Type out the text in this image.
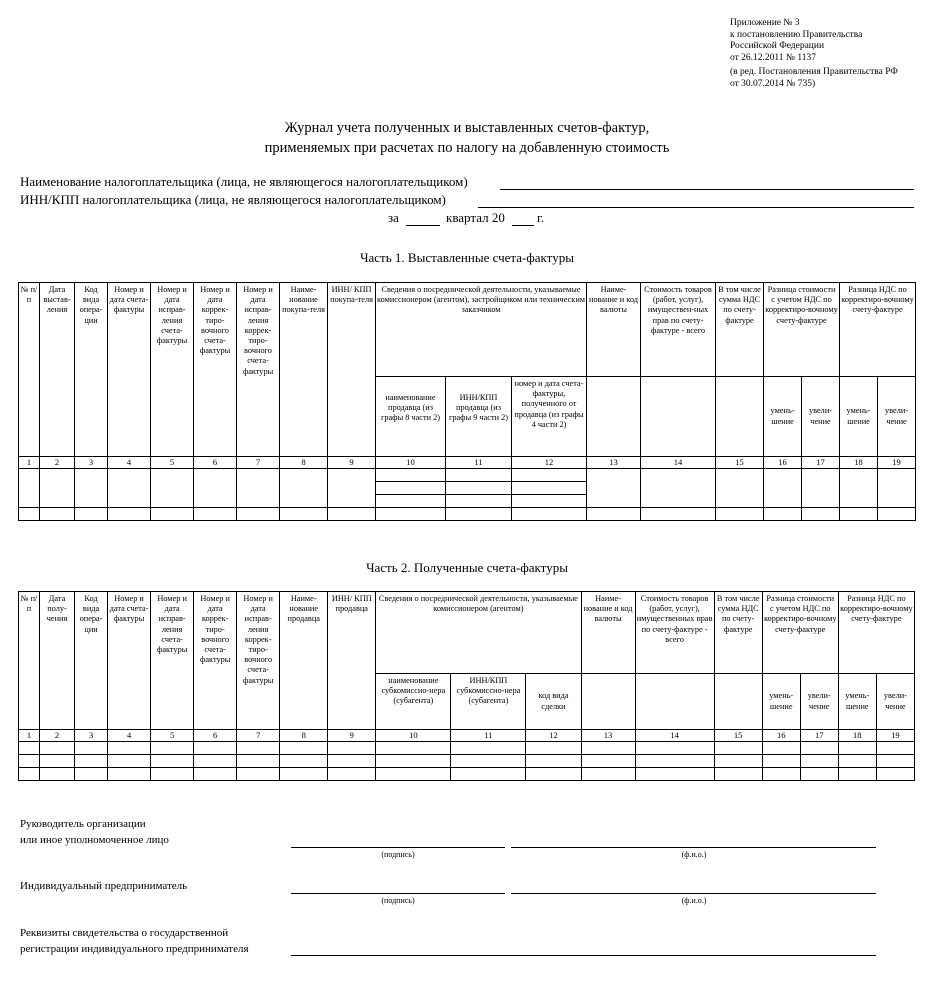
Приложение № 3
к постановлению Правительства
Российской Федерации
от 26.12.2011 № 1137
(в ред. Постановления Правительства РФ
от 30.07.2014 № 735)
Журнал учета полученных и выставленных счетов-фактур,
применяемых при расчетах по налогу на добавленную стоимость
Наименование налогоплательщика (лица, не являющегося налогоплательщиком)
ИНН/КПП налогоплательщика (лица, не являющегося налогоплательщиком)
за	квартал 20 г.
Часть 1. Выставленные счета-фактуры
№ п/п	Дата выстав-ления	Код вида опера-ции	Номер и дата счета-фактуры	Номер и дата исправ-ления счета-фактуры	Номер и дата коррек-тиро-вочного счета-фактуры	Номер и дата исправ-ления коррек-тиро-вочного счета-фактуры	Наиме-нование покупа-теля	ИНН/ КПП покупа-теля	Сведения о посреднической деятельности, указываемые комиссионером (агентом), застройщиком или техническим заказчиком			Наиме-нование и код валюты	Стоимость товаров (работ, услуг), имуществен-ных прав по счету-фактуре - всего	В том числе сумма НДС по счету-фактуре	Разница стоимости с учетом НДС по корректиро-вочному счету-фактуре		Разница НДС по корректиро-вочному счету-фактуре	
									наименование продавца (из графы 8 части 2)	ИНН/КПП продавца (из графы 9 части 2)	номер и дата счета-фактуры, полученного от продавца (из графы 4 части 2)				умень-шение	увели-чение	умень-шение	увели-чение
1	2	3	4	5	6	7	8	9	10	11	12	13	14	15	16	17	18	19

Часть 2. Полученные счета-фактуры
№ п/п	Дата полу-чения	Код вида опера-ции	Номер и дата счета-фактуры	Номер и дата исправ-ления счета-фактуры	Номер и дата коррек-тиро-вочного счета-фактуры	Номер и дата исправ-ления коррек-тиро-вочного счета-фактуры	Наиме-нование продавца	ИНН/ КПП продавца	Сведения о посреднической деятельности, указываемые комиссионером (агентом)			Наиме-нование и код валюты	Стоимость товаров (работ, услуг), имущественных прав по счету-фактуре - всего	В том числе сумма НДС по счету-фактуре	Разница стоимости с учетом НДС по корректиро-вочному счету-фактуре		Разница НДС по корректиро-вочному счету-фактуре	
									наименование субкомиссио-нера (субагента)	ИНН/КПП субкомиссио-нера (субагента)	код вида сделки				умень-шение	увели-чение	умень-шение	увели-чение
1	2	3	4	5	6	7	8	9	10	11	12	13	14	15	16	17	18	19

Руководитель организации
или иное уполномоченное лицо
(подпись)	(ф.и.о.)
Индивидуальный предприниматель
(подпись)	(ф.и.о.)
Реквизиты свидетельства о государственной
регистрации индивидуального предпринимателя
